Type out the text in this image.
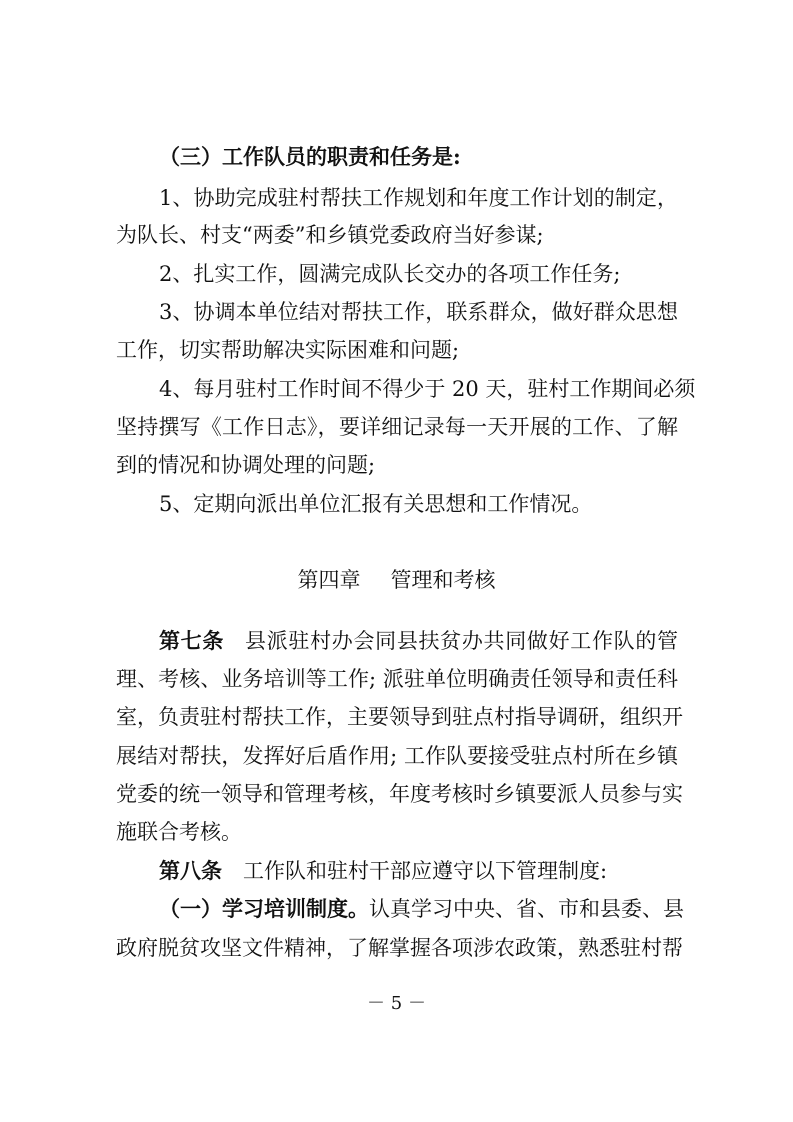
（三）工作队员的职责和任务是:
1、协助完成驻村帮扶工作规划和年度工作计划的制定，
为队长、村支“两委”和乡镇党委政府当好参谋;
2、扎实工作，圆满完成队长交办的各项工作任务;
3、协调本单位结对帮扶工作，联系群众，做好群众思想
工作，切实帮助解决实际困难和问题;
4、每月驻村工作时间不得少于 20 天，驻村工作期间必须
坚持撰写《工作日志》，要详细记录每一天开展的工作、了解
到的情况和协调处理的问题;
5、定期向派出单位汇报有关思想和工作情况。
第四章 管理和考核
第七条 县派驻村办会同县扶贫办共同做好工作队的管
理、考核、业务培训等工作; 派驻单位明确责任领导和责任科
室，负责驻村帮扶工作，主要领导到驻点村指导调研，组织开
展结对帮扶，发挥好后盾作用; 工作队要接受驻点村所在乡镇
党委的统一领导和管理考核，年度考核时乡镇要派人员参与实
施联合考核。
第八条 工作队和驻村干部应遵守以下管理制度:
（一）学习培训制度。认真学习中央、省、市和县委、县
政府脱贫攻坚文件精神，了解掌握各项涉农政策，熟悉驻村帮
－ 5 －
